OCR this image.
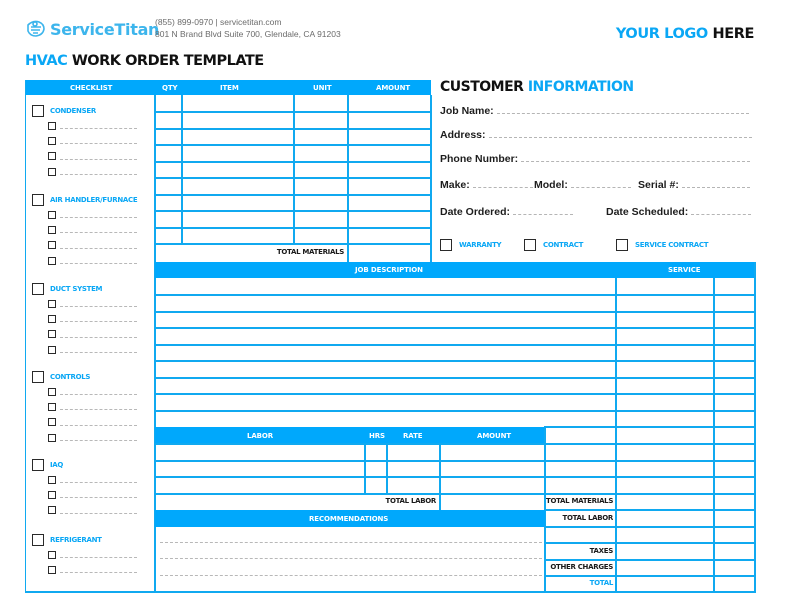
ServiceTitan
(855) 899-0970 | servicetitan.com
801 N Brand Blvd Suite 700, Glendale, CA 91203	YOUR LOGO HERE
HVAC WORK ORDER TEMPLATE
CHECKLIST	QTY	ITEM	UNIT	AMOUNT
TOTAL MATERIALS
CONDENSER
AIR HANDLER/FURNACE
DUCT SYSTEM
CONTROLS
IAQ
REFRIGERANT
CUSTOMER INFORMATION
Job Name:
Address:
Phone Number:
Make:	Model:	Serial #:
Date Ordered:	Date Scheduled:
WARRANTY	CONTRACT	SERVICE CONTRACT
JOB DESCRIPTION	SERVICE
LABOR	HRS	RATE	AMOUNT
TOTAL LABOR
RECOMMENDATIONS
TOTAL MATERIALS
TOTAL LABOR
TAXES
OTHER CHARGES
TOTAL
